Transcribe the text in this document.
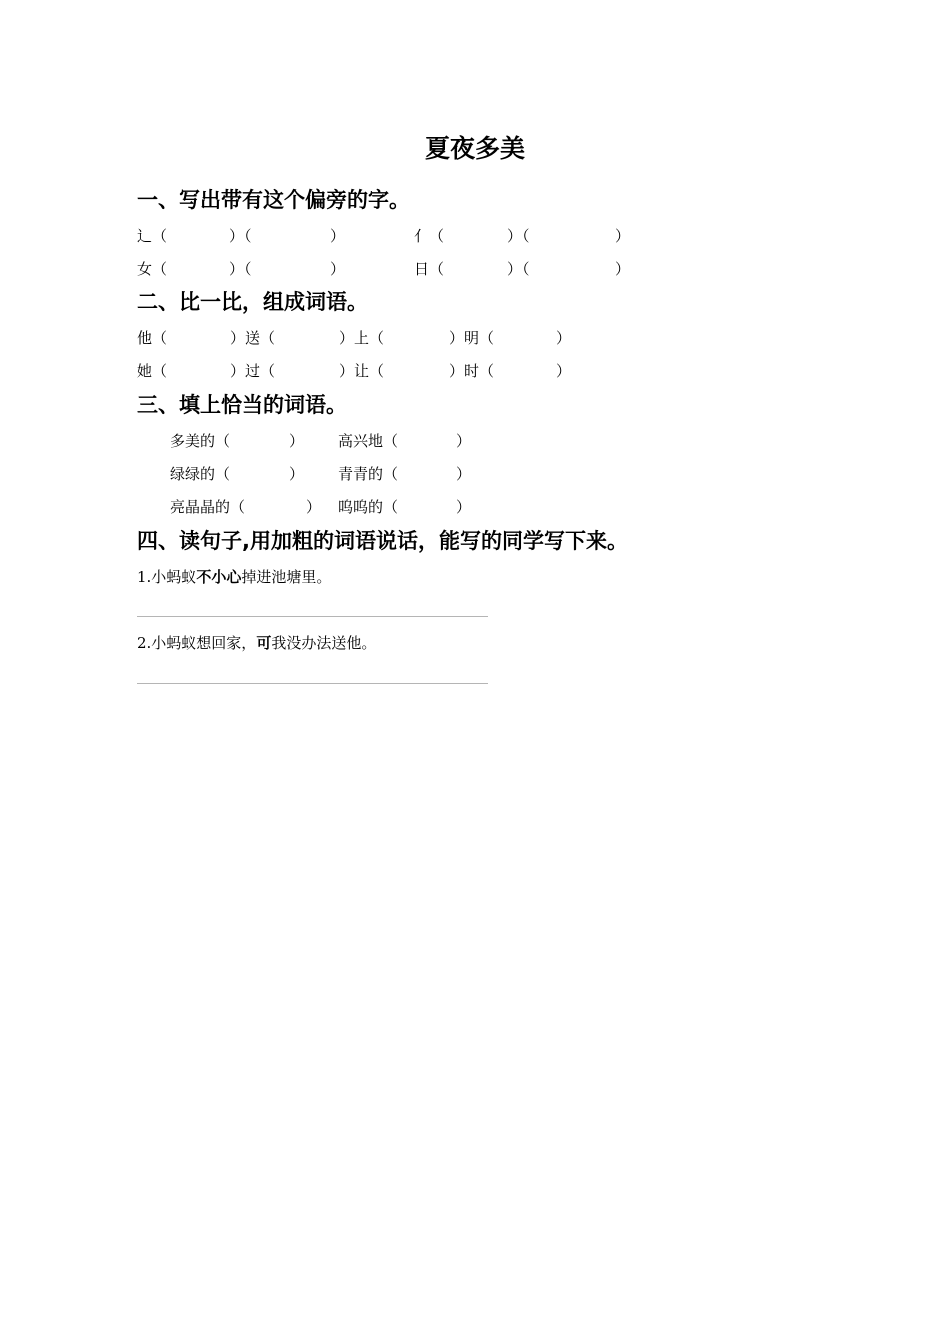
夏夜多美
一、写出带有这个偏旁的字。
辶（	）（	）	亻（	）（	）
女（	）（	）	日（	）（	）
二、比一比，组成词语。
他（	）送（	）上（	）明（	）
她（	）过（	）让（	）时（	）
三、填上恰当的词语。
多美的（	） 高兴地（	）
绿绿的（	） 青青的（	）
亮晶晶的（	） 呜呜的（	）
四、读句子,用加粗的词语说话，能写的同学写下来。
1.小蚂蚁不小心掉进池塘里。
2.小蚂蚁想回家，可我没办法送他。
